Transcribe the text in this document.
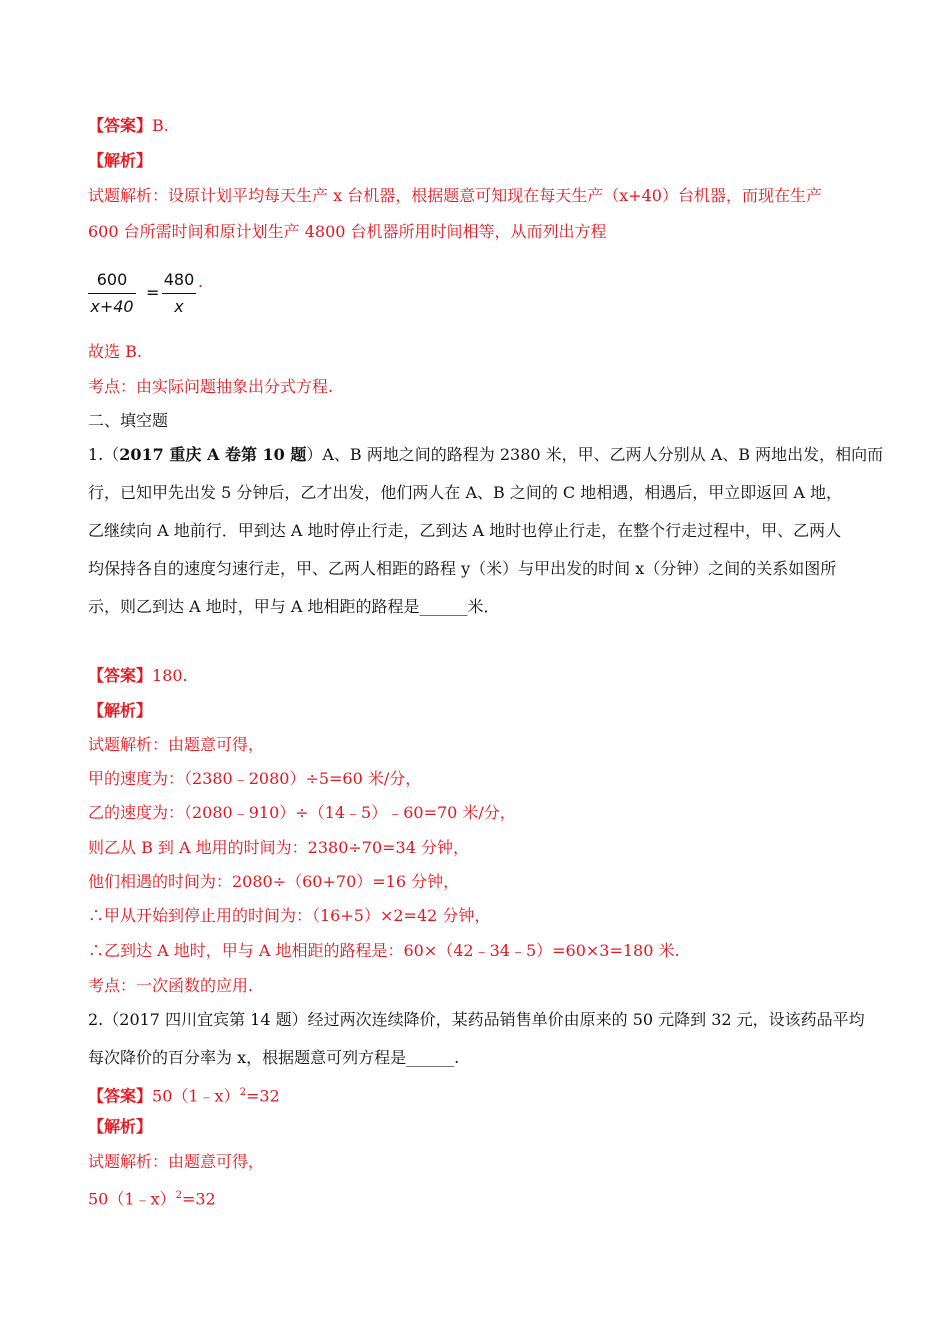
【答案】B.
【解析】
试题解析：设原计划平均每天生产 x 台机器，根据题意可知现在每天生产（x+40）台机器，而现在生产
600 台所需时间和原计划生产 4800 台机器所用时间相等，从而列出方程
600
x+40
=
480
x
.
故选 B.
考点：由实际问题抽象出分式方程.
二、填空题
1.（2017 重庆 A 卷第 10 题）A、B 两地之间的路程为 2380 米，甲、乙两人分别从 A、B 两地出发，相向而
行，已知甲先出发 5 分钟后，乙才出发，他们两人在 A、B 之间的 C 地相遇，相遇后，甲立即返回 A 地，
乙继续向 A 地前行．甲到达 A 地时停止行走，乙到达 A 地时也停止行走，在整个行走过程中，甲、乙两人
均保持各自的速度匀速行走，甲、乙两人相距的路程 y（米）与甲出发的时间 x（分钟）之间的关系如图所
示，则乙到达 A 地时，甲与 A 地相距的路程是______米．
【答案】180.
【解析】
试题解析：由题意可得，
甲的速度为：（2380﹣2080）÷5=60 米/分，
乙的速度为：（2080﹣910）÷（14﹣5）﹣60=70 米/分，
则乙从 B 到 A 地用的时间为：2380÷70=34 分钟，
他们相遇的时间为：2080÷（60+70）=16 分钟，
∴甲从开始到停止用的时间为：（16+5）×2=42 分钟，
∴乙到达 A 地时，甲与 A 地相距的路程是：60×（42﹣34﹣5）=60×3=180 米.
考点：一次函数的应用.
2.（2017 四川宜宾第 14 题）经过两次连续降价，某药品销售单价由原来的 50 元降到 32 元，设该药品平均
每次降价的百分率为 x，根据题意可列方程是______.
【答案】50（1﹣x）$^2$=32
【解析】
试题解析：由题意可得，
50（1﹣x）$^2$=32
